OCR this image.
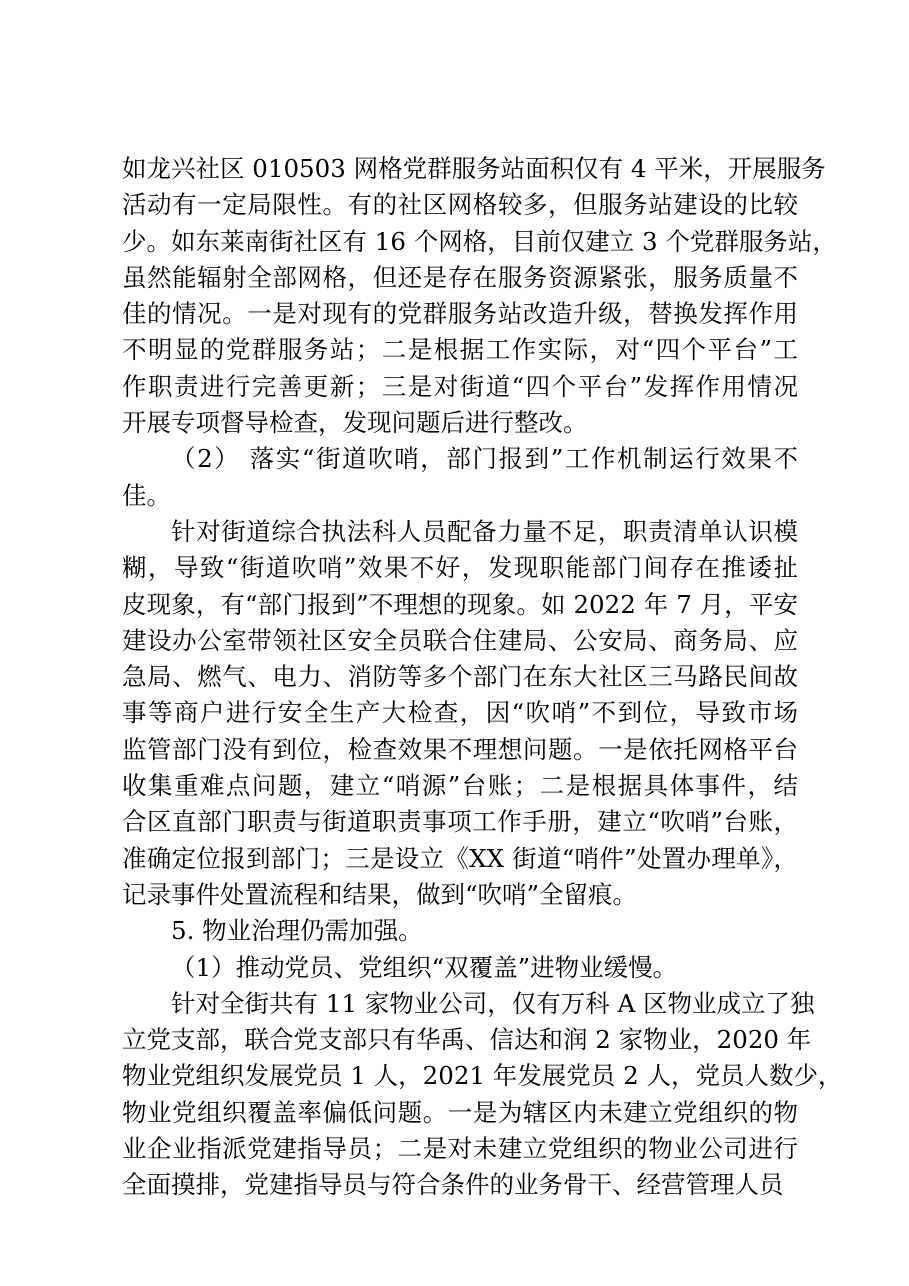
如龙兴社区 010503 网格党群服务站面积仅有 4 平米，开展服务
活动有一定局限性。有的社区网格较多，但服务站建设的比较
少。如东莱南街社区有 16 个网格，目前仅建立 3 个党群服务站，
虽然能辐射全部网格，但还是存在服务资源紧张，服务质量不
佳的情况。一是对现有的党群服务站改造升级，替换发挥作用
不明显的党群服务站；二是根据工作实际，对“四个平台”工
作职责进行完善更新；三是对街道“四个平台”发挥作用情况
开展专项督导检查，发现问题后进行整改。
（2） 落实“街道吹哨，部门报到”工作机制运行效果不
佳。
针对街道综合执法科人员配备力量不足，职责清单认识模
糊，导致“街道吹哨”效果不好，发现职能部门间存在推诿扯
皮现象，有“部门报到”不理想的现象。如 2022 年 7 月，平安
建设办公室带领社区安全员联合住建局、公安局、商务局、应
急局、燃气、电力、消防等多个部门在东大社区三马路民间故
事等商户进行安全生产大检查，因“吹哨”不到位，导致市场
监管部门没有到位，检查效果不理想问题。一是依托网格平台
收集重难点问题，建立“哨源”台账；二是根据具体事件，结
合区直部门职责与街道职责事项工作手册，建立“吹哨”台账，
准确定位报到部门；三是设立《XX 街道“哨件”处置办理单》，
记录事件处置流程和结果，做到“吹哨”全留痕。
5. 物业治理仍需加强。
（1）推动党员、党组织“双覆盖”进物业缓慢。
针对全街共有 11 家物业公司，仅有万科 A 区物业成立了独
立党支部，联合党支部只有华禹、信达和润 2 家物业，2020 年
物业党组织发展党员 1 人，2021 年发展党员 2 人，党员人数少，
物业党组织覆盖率偏低问题。一是为辖区内未建立党组织的物
业企业指派党建指导员；二是对未建立党组织的物业公司进行
全面摸排，党建指导员与符合条件的业务骨干、经营管理人员
